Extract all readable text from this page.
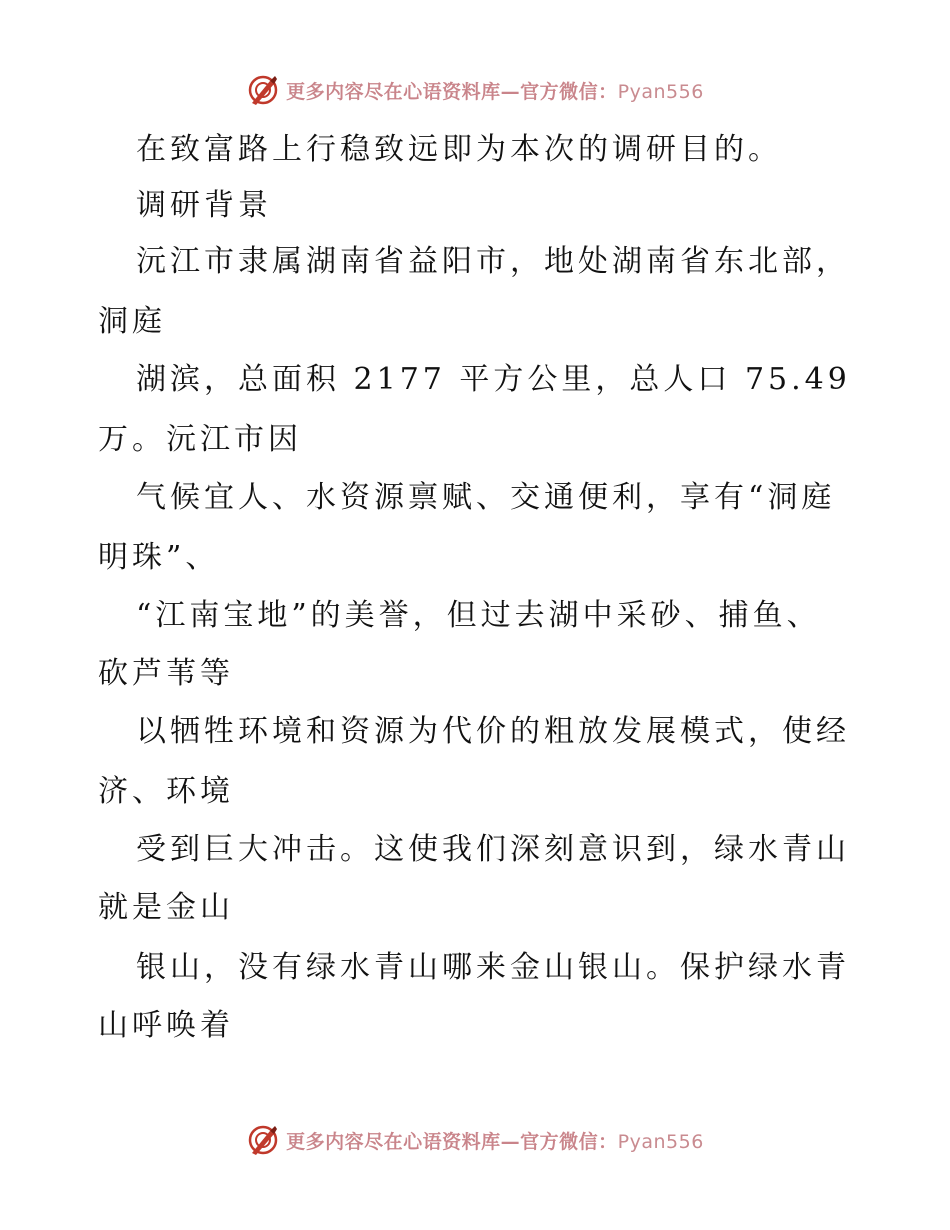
更多内容尽在心语资料库—官方微信：Pyan556
在致富路上行稳致远即为本次的调研目的。
调研背景
沅江市隶属湖南省益阳市，地处湖南省东北部，
洞庭
湖滨，总面积 2177 平方公里，总人口 75.49
万。沅江市因
气候宜人、水资源禀赋、交通便利，享有“洞庭
明珠”、
“江南宝地”的美誉，但过去湖中采砂、捕鱼、
砍芦苇等
以牺牲环境和资源为代价的粗放发展模式，使经
济、环境
受到巨大冲击。这使我们深刻意识到，绿水青山
就是金山
银山，没有绿水青山哪来金山银山。保护绿水青
山呼唤着
更多内容尽在心语资料库—官方微信：Pyan556
